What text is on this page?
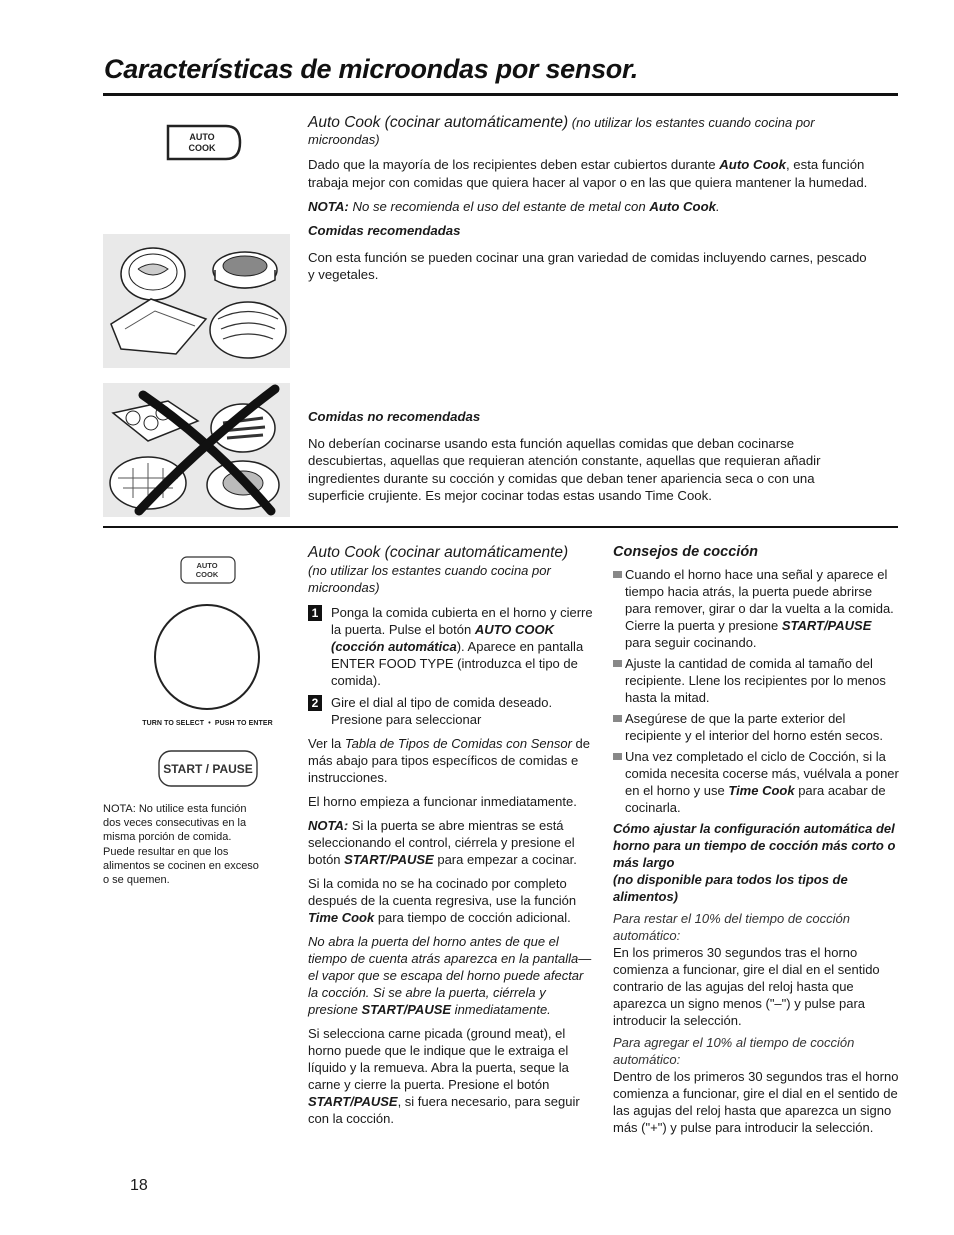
Características de microondas por sensor.
AUTO
COOK

Auto Cook (cocinar automáticamente) (no utilizar los estantes cuando cocina por microondas)

Dado que la mayoría de los recipientes deben estar cubiertos durante Auto Cook, esta función trabaja mejor con comidas que quiera hacer al vapor o en las que quiera mantener la humedad.

NOTA: No se recomienda el uso del estante de metal con Auto Cook.

Comidas recomendadas

Con esta función se pueden cocinar una gran variedad de comidas incluyendo carnes, pescado y vegetales.

Comidas no recomendadas

No deberían cocinarse usando esta función aquellas comidas que deban cocinarse descubiertas, aquellas que requieran atención constante, aquellas que requieran añadir ingredientes durante su cocción y comidas que deban tener apariencia seca o con una superficie crujiente. Es mejor cocinar todas estas usando Time Cook.

AUTO
COOK
TURN TO SELECT  •  PUSH TO ENTER
START / PAUSE
NOTA: No utilice esta función dos veces consecutivas en la misma porción de comida. Puede resultar en que los alimentos se cocinen en exceso o se quemen.
Auto Cook (cocinar automáticamente)
(no utilizar los estantes cuando cocina por microondas)
1 Ponga la comida cubierta en el horno y cierre la puerta. Pulse el botón AUTO COOK (cocción automática). Aparece en pantalla ENTER FOOD TYPE (introduzca el tipo de comida).
2 Gire el dial al tipo de comida deseado. Presione para seleccionar

Ver la Tabla de Tipos de Comidas con Sensor de más abajo para tipos específicos de comidas e instrucciones.

El horno empieza a funcionar inmediatamente.

NOTA: Si la puerta se abre mientras se está seleccionando el control, ciérrela y presione el botón START/PAUSE para empezar a cocinar.

Si la comida no se ha cocinado por completo después de la cuenta regresiva, use la función Time Cook para tiempo de cocción adicional.

No abra la puerta del horno antes de que el tiempo de cuenta atrás aparezca en la pantalla—el vapor que se escapa del horno puede afectar la cocción. Si se abre la puerta, ciérrela y presione START/PAUSE inmediatamente.

Si selecciona carne picada (ground meat), el horno puede que le indique que le extraiga el líquido y la remueva. Abra la puerta, seque la carne y cierre la puerta. Presione el botón START/PAUSE, si fuera necesario, para seguir con la cocción.

Consejos de cocción
Cuando el horno hace una señal y aparece el tiempo hacia atrás, la puerta puede abrirse para remover, girar o dar la vuelta a la comida. Cierre la puerta y presione START/PAUSE para seguir cocinando.
Ajuste la cantidad de comida al tamaño del recipiente. Llene los recipientes por lo menos hasta la mitad.
Asegúrese de que la parte exterior del recipiente y el interior del horno estén secos.
Una vez completado el ciclo de Cocción, si la comida necesita cocerse más, vuélvala a poner en el horno y use Time Cook para acabar de cocinarla.
Cómo ajustar la configuración automática del horno para un tiempo de cocción más corto o más largo
(no disponible para todos los tipos de alimentos)
Para restar el 10% del tiempo de cocción automático:
En los primeros 30 segundos tras el horno comienza a funcionar, gire el dial en el sentido contrario de las agujas del reloj hasta que aparezca un signo menos ("–") y pulse para introducir la selección.
Para agregar el 10% al tiempo de cocción automático:
Dentro de los primeros 30 segundos tras el horno comienza a funcionar, gire el dial en el sentido de las agujas del reloj hasta que aparezca un signo más ("+") y pulse para introducir la selección.
18
